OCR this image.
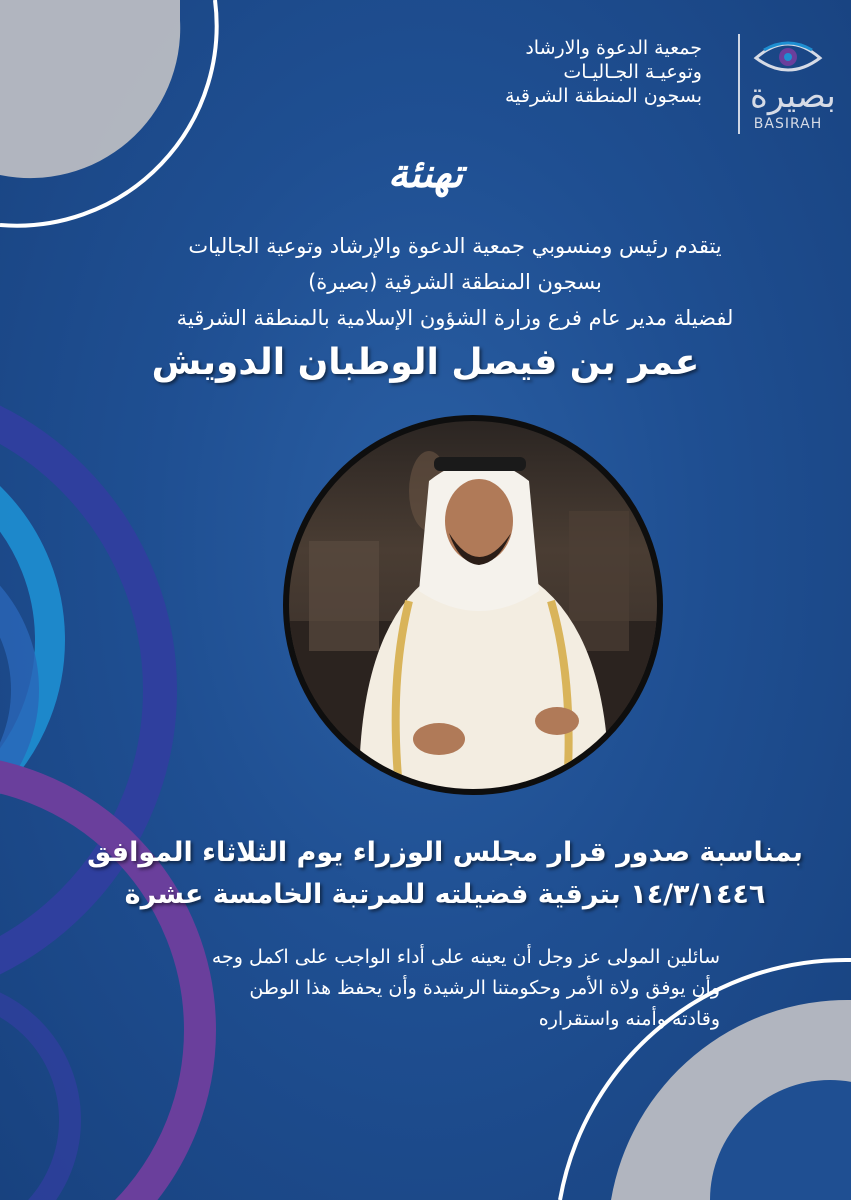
جمعية الدعوة والارشاد
وتوعيـة الجـاليـات
بسجون المنطقة الشرقية بصيرة
BASIRAH
تهنئة
يتقدم رئيس ومنسوبي جمعية الدعوة والإرشاد وتوعية الجاليات
بسجون المنطقة الشرقية (بصيرة)
لفضيلة مدير عام فرع وزارة الشؤون الإسلامية بالمنطقة الشرقية
عمر بن فيصل الوطبان الدويش
بمناسبة صدور قرار مجلس الوزراء يوم الثلاثاء الموافق
١٤/٣/١٤٤٦ بترقية فضيلته للمرتبة الخامسة عشرة
سائلين المولى عز وجل أن يعينه على أداء الواجب على اكمل وجه
وأن يوفق ولاة الأمر وحكومتنا الرشيدة وأن يحفظ هذا الوطن
وقادته وأمنه واستقراره
